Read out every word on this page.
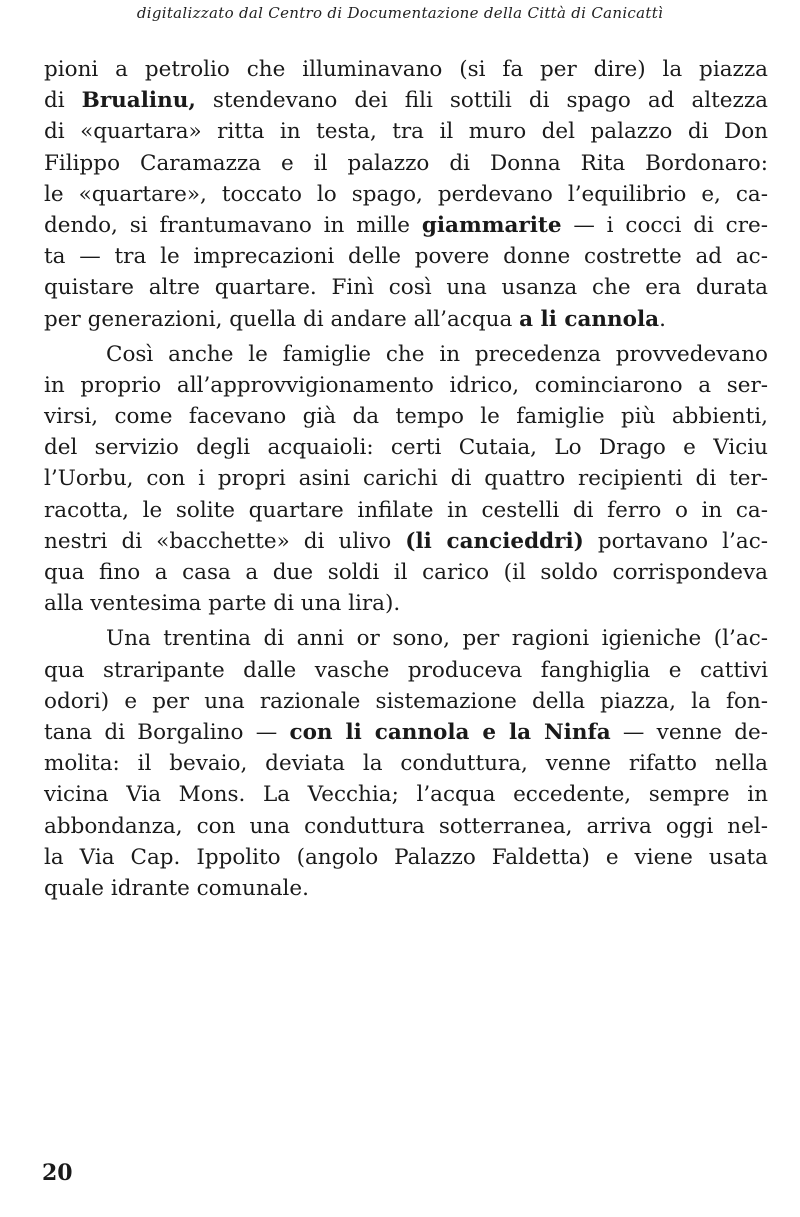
digitalizzato dal Centro di Documentazione della Città di Canicattì
pioni a petrolio che illuminavano (si fa per dire) la piazza
di Brualinu, stendevano dei fili sottili di spago ad altezza
di «quartara» ritta in testa, tra il muro del palazzo di Don
Filippo Caramazza e il palazzo di Donna Rita Bordonaro:
le «quartare», toccato lo spago, perdevano l’equilibrio e, ca-
dendo, si frantumavano in mille giammarite — i cocci di cre-
ta — tra le imprecazioni delle povere donne costrette ad ac-
quistare altre quartare. Finì così una usanza che era durata
per generazioni, quella di andare all’acqua a li cannola.
Così anche le famiglie che in precedenza provvedevano
in proprio all’approvvigionamento idrico, cominciarono a ser-
virsi, come facevano già da tempo le famiglie più abbienti,
del servizio degli acquaioli: certi Cutaia, Lo Drago e Viciu
l’Uorbu, con i propri asini carichi di quattro recipienti di ter-
racotta, le solite quartare infilate in cestelli di ferro o in ca-
nestri di «bacchette» di ulivo (li cancieddri) portavano l’ac-
qua fino a casa a due soldi il carico (il soldo corrispondeva
alla ventesima parte di una lira).
Una trentina di anni or sono, per ragioni igieniche (l’ac-
qua straripante dalle vasche produceva fanghiglia e cattivi
odori) e per una razionale sistemazione della piazza, la fon-
tana di Borgalino — con li cannola e la Ninfa — venne de-
molita: il bevaio, deviata la conduttura, venne rifatto nella
vicina Via Mons. La Vecchia; l’acqua eccedente, sempre in
abbondanza, con una conduttura sotterranea, arriva oggi nel-
la Via Cap. Ippolito (angolo Palazzo Faldetta) e viene usata
quale idrante comunale.
20
